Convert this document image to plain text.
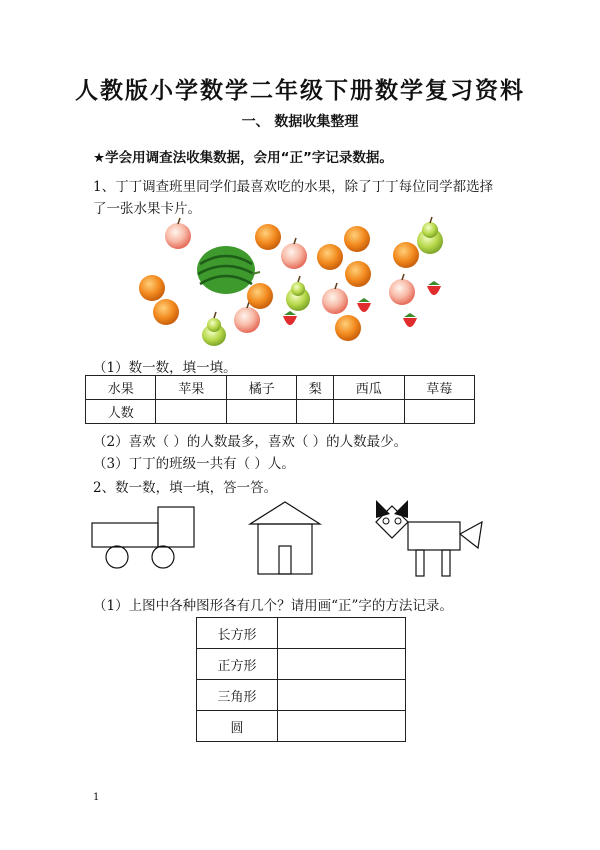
人教版小学数学二年级下册数学复习资料
一、 数据收集整理
★学会用调查法收集数据，会用“正”字记录数据。
1、丁丁调查班里同学们最喜欢吃的水果，除了丁丁每位同学都选择
了一张水果卡片。
（1）数一数，填一填。
水果	苹果	橘子	梨	西瓜	草莓
人数					
（2）喜欢（ ）的人数最多，喜欢（ ）的人数最少。
（3）丁丁的班级一共有（ ）人。
2、数一数，填一填，答一答。
（1）上图中各种图形各有几个？请用画“正”字的方法记录。
长方形	
正方形	
三角形	
圆	
1
